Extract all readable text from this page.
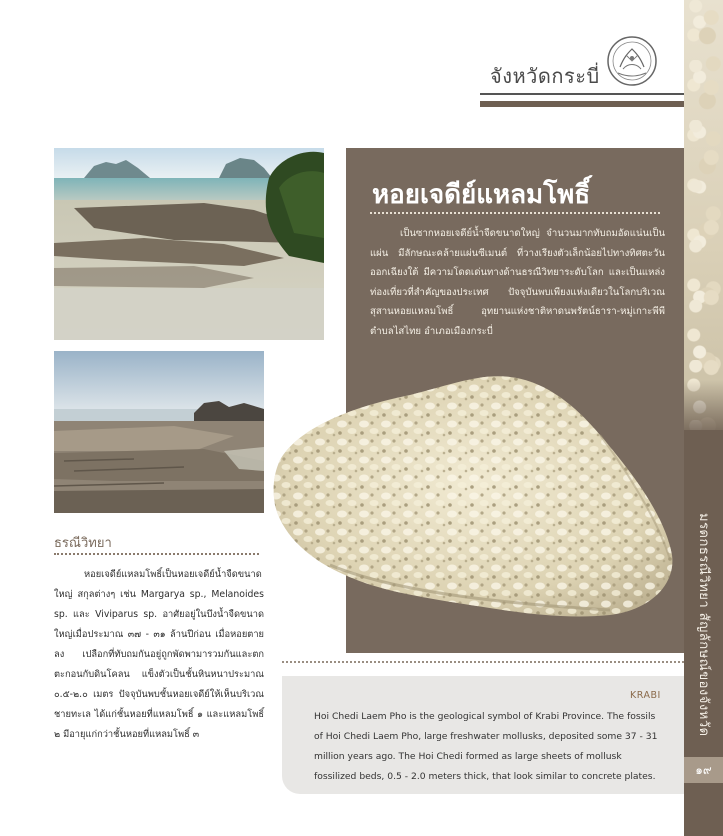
มรดกธรณีวิทยา สัญลักษณ์ของจังหวัด
๑๙
จังหวัดกระบี่
หอยเจดีย์แหลมโพธิ์

เป็นซากหอยเจดีย์น้ำจืดขนาดใหญ่ จำนวนมากทับถมอัดแน่นเป็นแผ่น มีลักษณะคล้ายแผ่นซีเมนต์ ที่วางเรียงตัวเล็กน้อยไปทางทิศตะวันออกเฉียงใต้ มีความโดดเด่นทางด้านธรณีวิทยาระดับโลก และเป็นแหล่งท่องเที่ยวที่สำคัญของประเทศ ปัจจุบันพบเพียงแห่งเดียวในโลกบริเวณสุสานหอยแหลมโพธิ์ อุทยานแห่งชาติหาดนพรัตน์ธารา-หมู่เกาะพีพี ตำบลไสไทย อำเภอเมืองกระบี่

ธรณีวิทยา

หอยเจดีย์แหลมโพธิ์เป็นหอยเจดีย์น้ำจืดขนาดใหญ่ สกุลต่างๆ เช่น Margarya sp., Melanoides sp. และ Viviparus sp. อาศัยอยู่ในบึงน้ำจืดขนาดใหญ่เมื่อประมาณ ๓๗ - ๓๑ ล้านปีก่อน เมื่อหอยตายลง เปลือกที่ทับถมกันอยู่ถูกพัดพามารวมกันและตกตะกอนกับดินโคลน แข็งตัวเป็นชั้นหินหนาประมาณ ๐.๕-๒.๐ เมตร ปัจจุบันพบชั้นหอยเจดีย์ให้เห็นบริเวณชายทะเล ได้แก่ชั้นหอยที่แหลมโพธิ์ ๑ และแหลมโพธิ์ ๒ มีอายุแก่กว่าชั้นหอยที่แหลมโพธิ์ ๓

KRABI

Hoi Chedi Laem Pho is the geological symbol of Krabi Province. The fossils of Hoi Chedi Laem Pho, large freshwater mollusks, deposited some 37 - 31 million years ago. The Hoi Chedi formed as large sheets of mollusk fossilized beds, 0.5 - 2.0 meters thick, that look similar to concrete plates.
